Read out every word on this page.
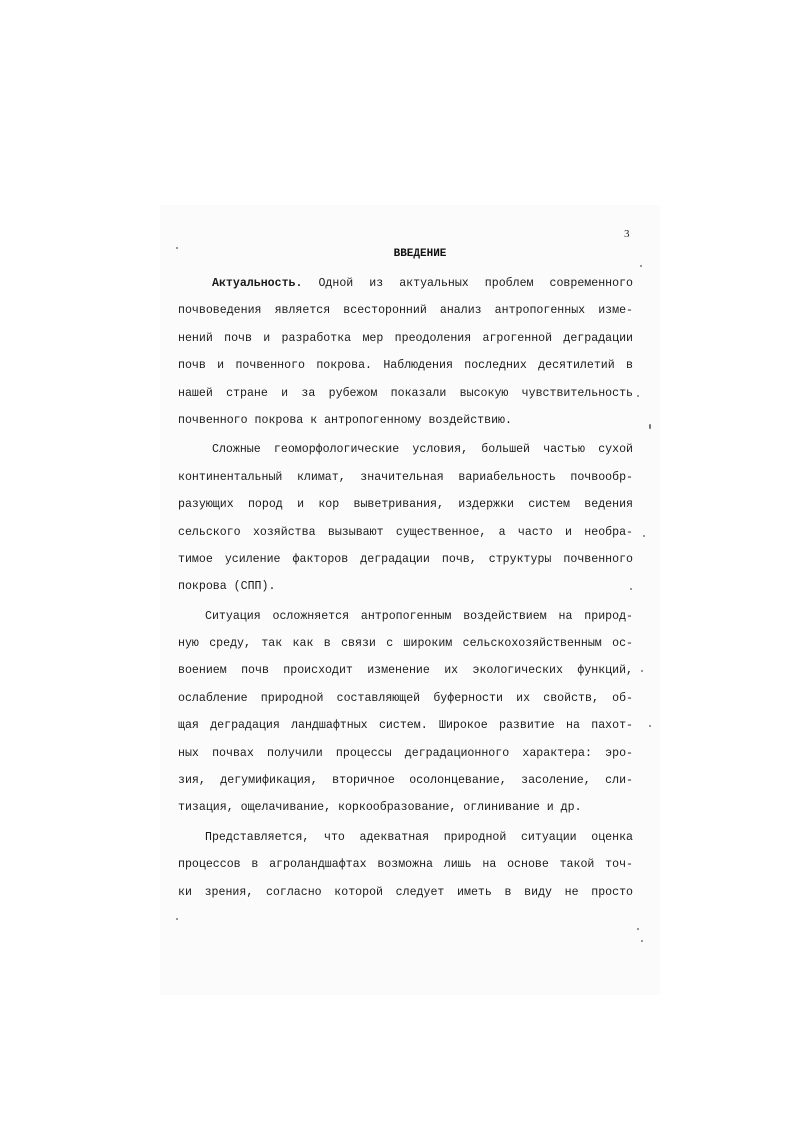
3
ВВЕДЕНИЕ
Актуальность. Одной из актуальных проблем современного
почвоведения является всесторонний анализ антропогенных изме-
нений почв и разработка мер преодоления агрогенной деградации
почв и почвенного покрова. Наблюдения последних десятилетий в
нашей стране и за рубежом показали высокую чувствительность
почвенного покрова к антропогенному воздействию.
Сложные геоморфологические условия, большей частью сухой
континентальный климат, значительная вариабельность почвообр-
разующих пород и кор выветривания, издержки систем ведения
сельского хозяйства вызывают существенное, а часто и необра-
тимое усиление факторов деградации почв, структуры почвенного
покрова (СПП).
Ситуация осложняется антропогенным воздействием на природ-
ную среду, так как в связи с широким сельскохозяйственным ос-
воением почв происходит изменение их экологических функций,
ослабление природной составляющей буферности их свойств, об-
щая деградация ландшафтных систем. Широкое развитие на пахот-
ных почвах получили процессы деградационного характера: эро-
зия, дегумификация, вторичное осолонцевание, засоление, сли-
тизация, ощелачивание, коркообразование, оглинивание и др.
Представляется, что адекватная природной ситуации оценка
процессов в агроландшафтах возможна лишь на основе такой точ-
ки зрения, согласно которой следует иметь в виду не просто
